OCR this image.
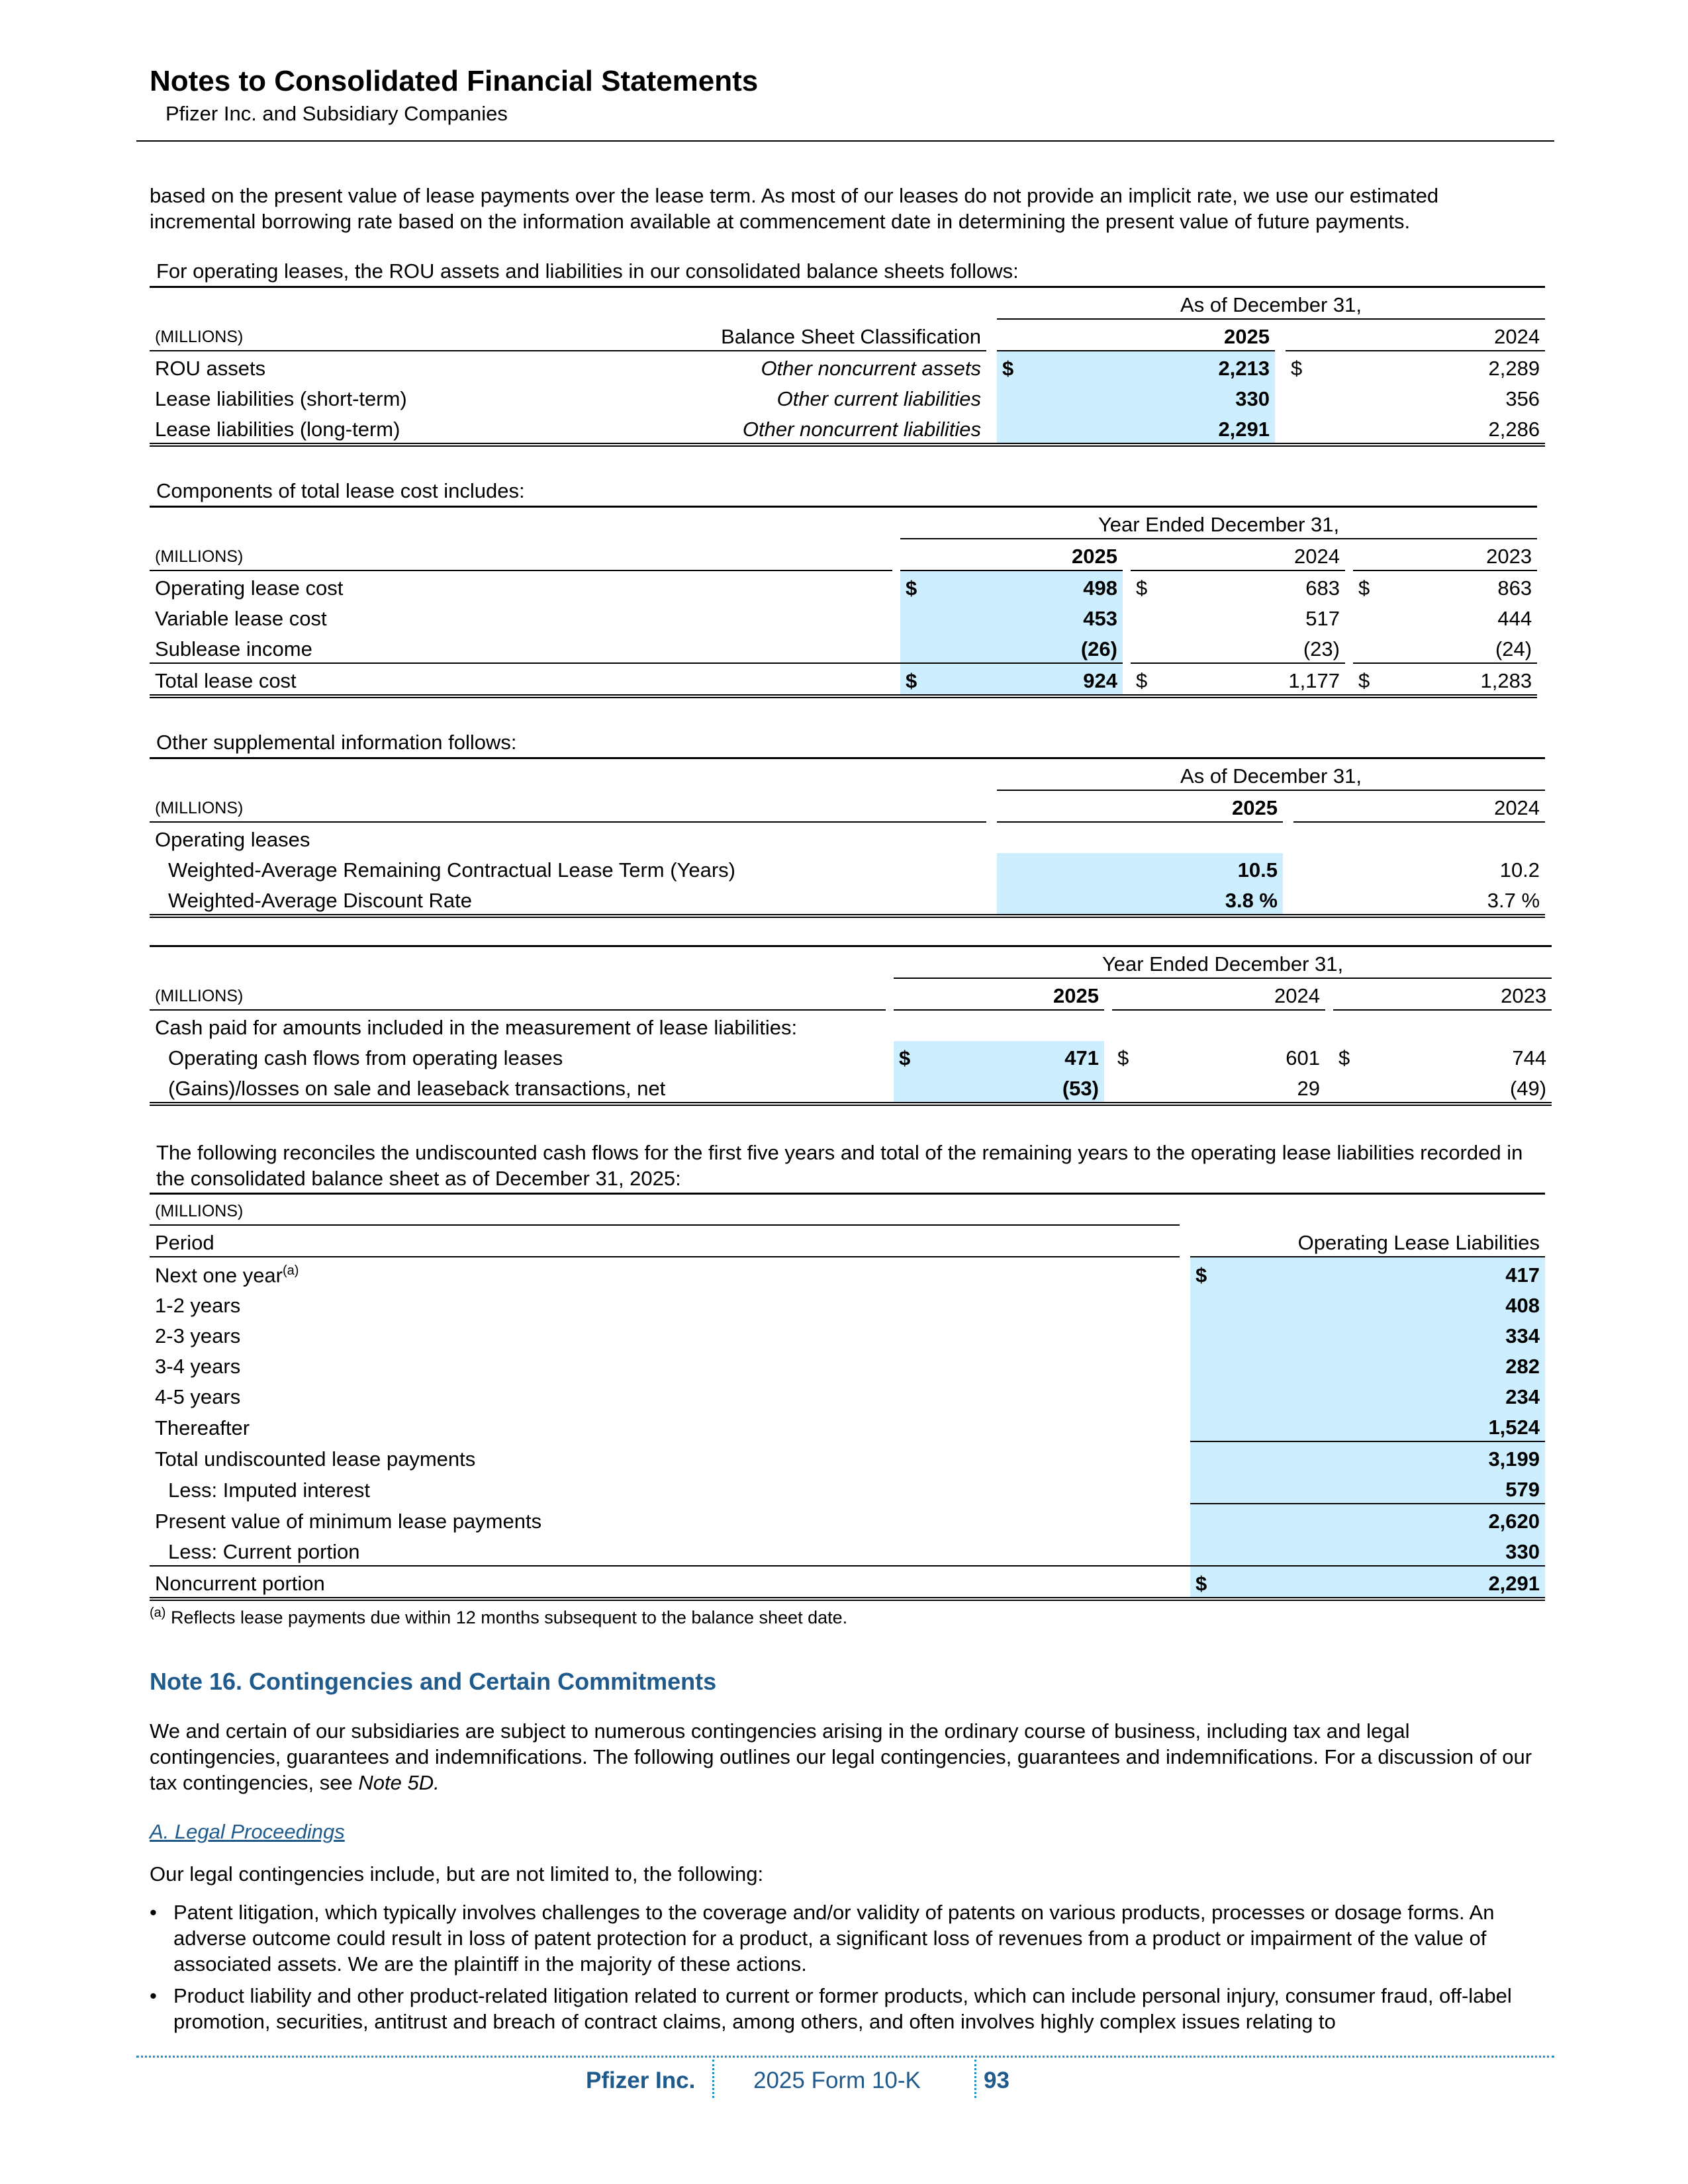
Notes to Consolidated Financial Statements
Pfizer Inc. and Subsidiary Companies
based on the present value of lease payments over the lease term. As most of our leases do not provide an implicit rate, we use our estimated incremental borrowing rate based on the information available at commencement date in determining the present value of future payments.
For operating leases, the ROU assets and liabilities in our consolidated balance sheets follows:
			As of December 31,				
(MILLIONS)	Balance Sheet Classification			2025			2024
ROU assets	Other noncurrent assets		$	2,213		$	2,289
Lease liabilities (short-term)	Other current liabilities			330			356
Lease liabilities (long-term)	Other noncurrent liabilities			2,291			2,286
Components of total lease cost includes:
		Year Ended December 31,							
(MILLIONS)			2025			2024			2023
Operating lease cost		$	498		$	683		$	863
Variable lease cost			453			517			444
Sublease income			(26)			(23)			(24)
Total lease cost		$	924		$	1,177		$	1,283
Other supplemental information follows:
		As of December 31,				
(MILLIONS)			2025			2024
Operating leases						
Weighted-Average Remaining Contractual Lease Term (Years)			10.5			10.2
Weighted-Average Discount Rate			3.8 %			3.7 %
		Year Ended December 31,							
(MILLIONS)			2025			2024			2023
Cash paid for amounts included in the measurement of lease liabilities:									
Operating cash flows from operating leases		$	471		$	601		$	744
(Gains)/losses on sale and leaseback transactions, net			(53)			29			(49)
The following reconciles the undiscounted cash flows for the first five years and total of the remaining years to the operating lease liabilities recorded in the consolidated balance sheet as of December 31, 2025:
(MILLIONS)			
Period			Operating Lease Liabilities
Next one year$^{(a)}$		$	417
1-2 years			408
2-3 years			334
3-4 years			282
4-5 years			234
Thereafter			1,524
Total undiscounted lease payments			3,199
Less: Imputed interest			579
Present value of minimum lease payments			2,620
Less: Current portion			330
Noncurrent portion		$	2,291
$^{(a)}$ Reflects lease payments due within 12 months subsequent to the balance sheet date.
Note 16. Contingencies and Certain Commitments
We and certain of our subsidiaries are subject to numerous contingencies arising in the ordinary course of business, including tax and legal contingencies, guarantees and indemnifications. The following outlines our legal contingencies, guarantees and indemnifications. For a discussion of our tax contingencies, see Note 5D.
A. Legal Proceedings
Our legal contingencies include, but are not limited to, the following:
• Patent litigation, which typically involves challenges to the coverage and/or validity of patents on various products, processes or dosage forms. An adverse outcome could result in loss of patent protection for a product, a significant loss of revenues from a product or impairment of the value of associated assets. We are the plaintiff in the majority of these actions.
• Product liability and other product-related litigation related to current or former products, which can include personal injury, consumer fraud, off-label promotion, securities, antitrust and breach of contract claims, among others, and often involves highly complex issues relating to
Pfizer Inc.	2025 Form 10-K	93
